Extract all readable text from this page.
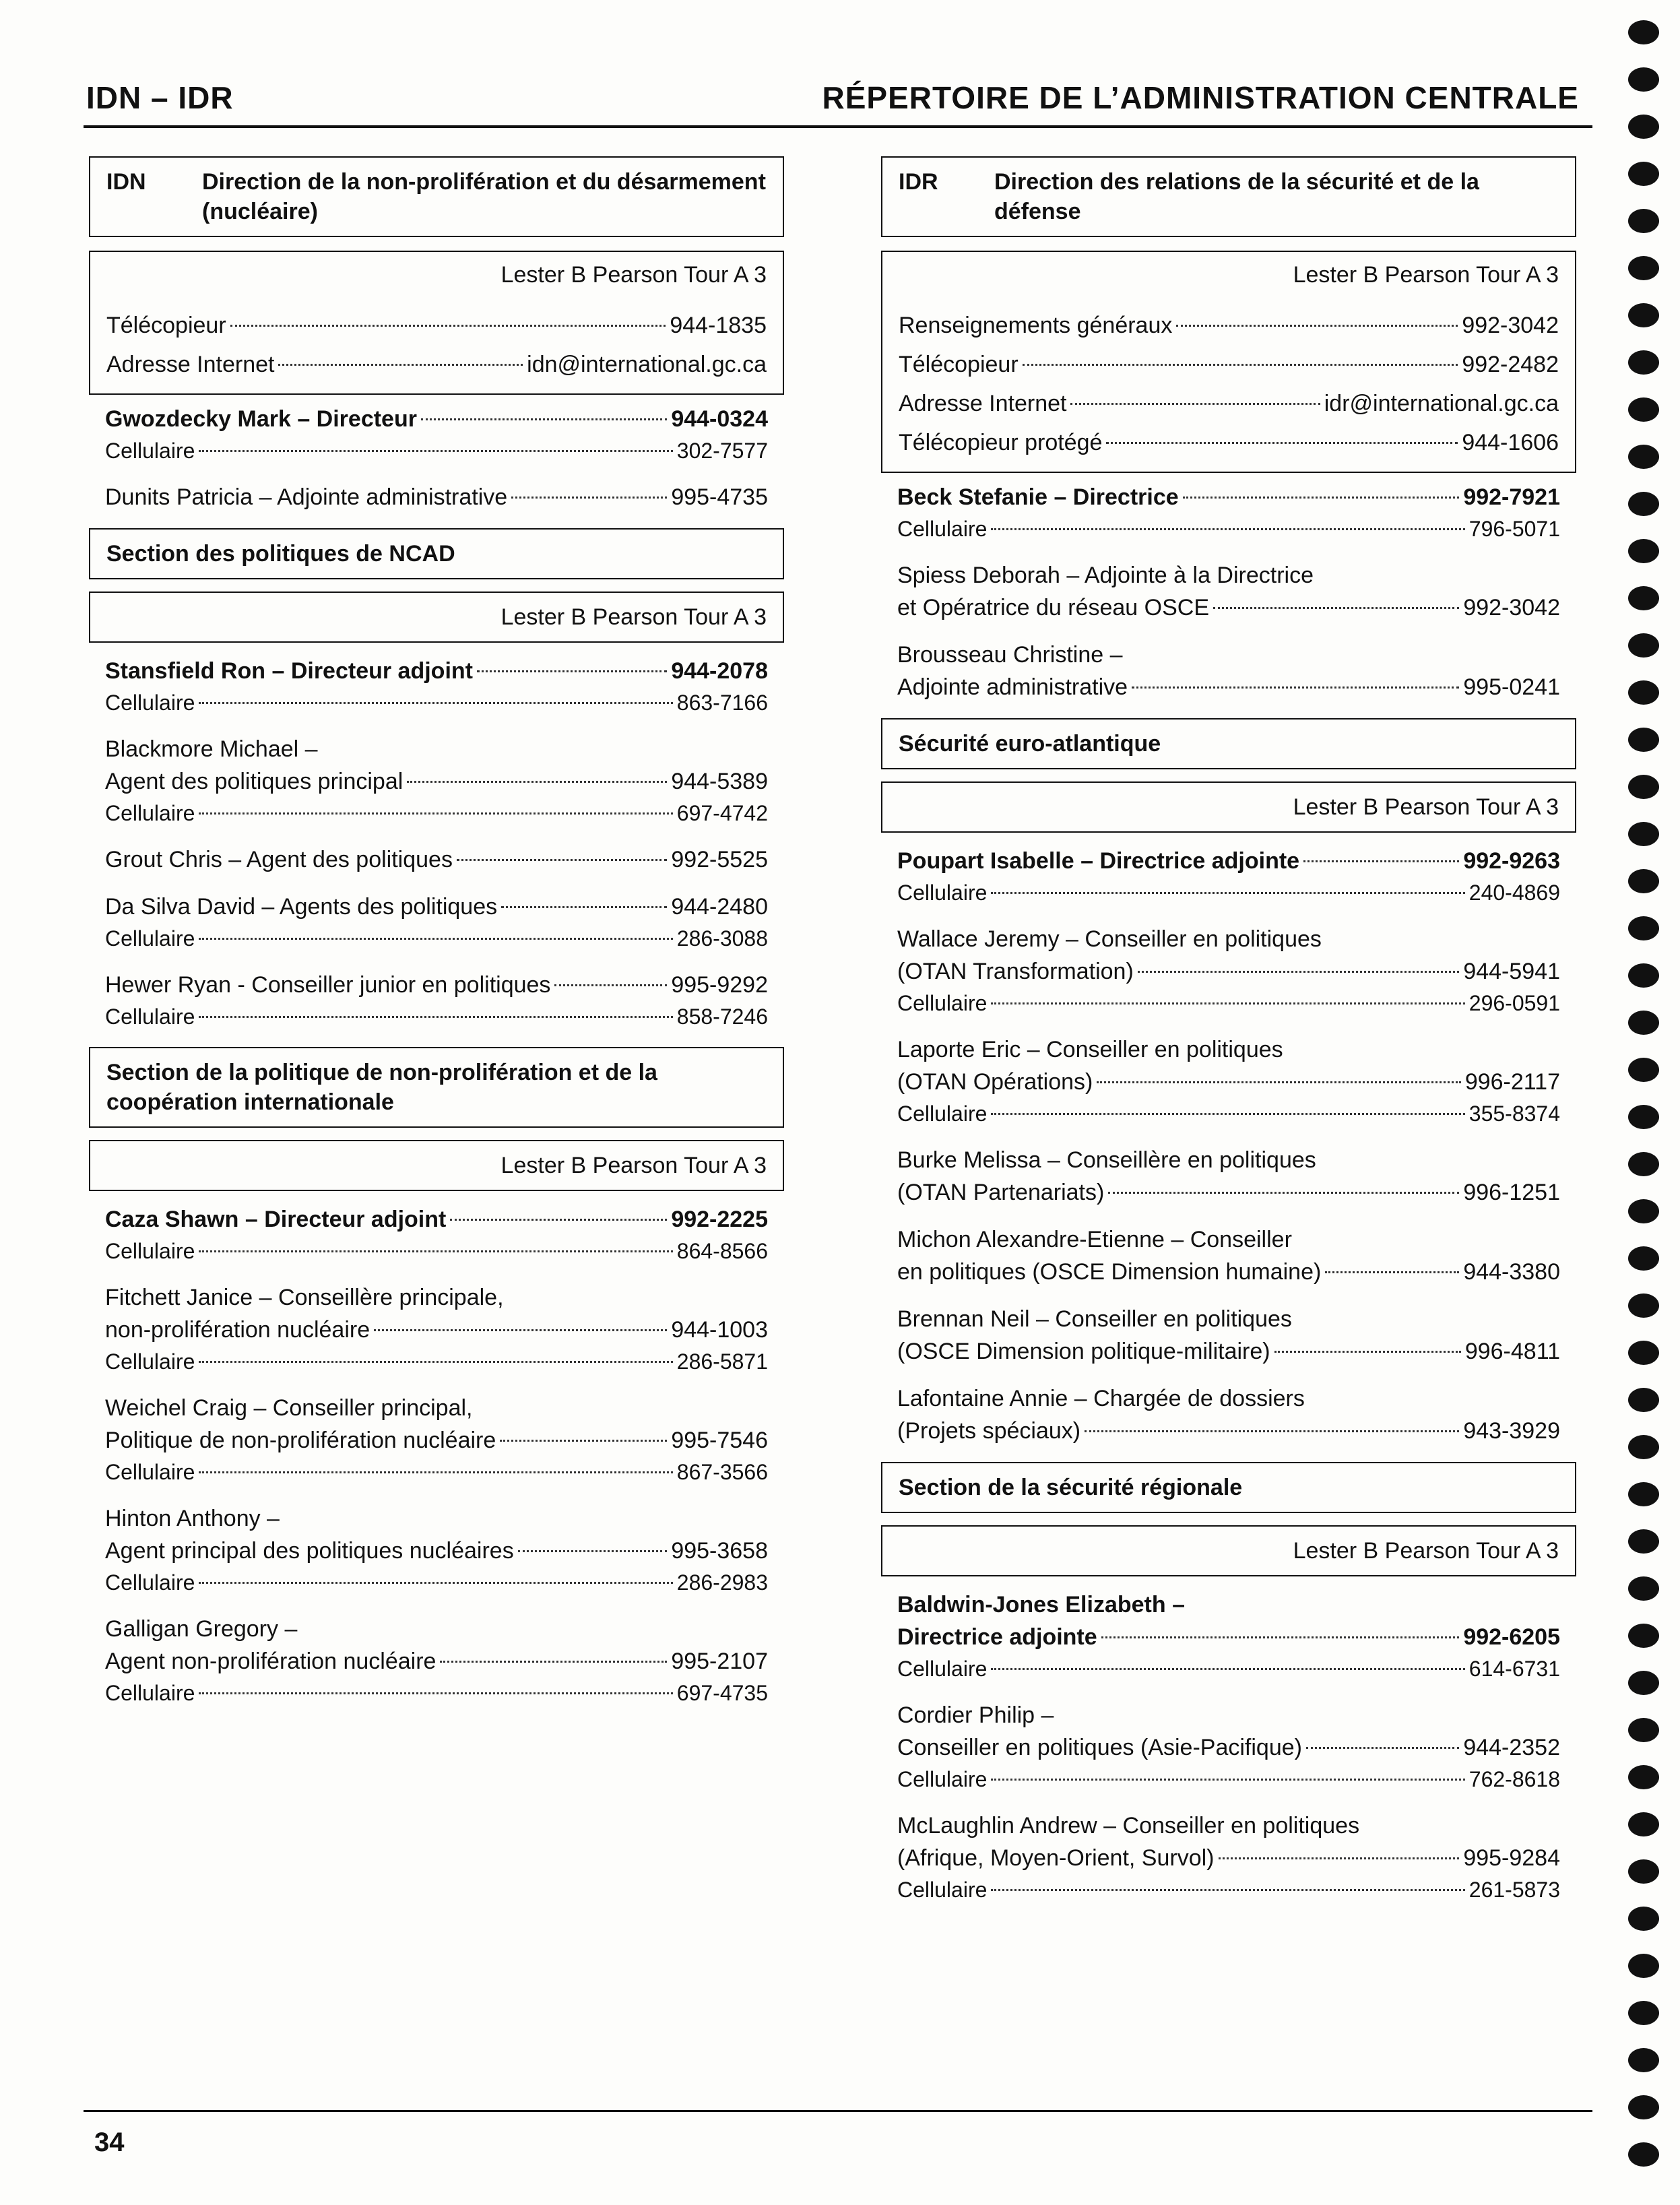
IDN – IDR	RÉPERTOIRE DE L’ADMINISTRATION CENTRALE
IDN	Direction de la non-prolifération et du désarmement (nucléaire)
Lester B Pearson Tour A 3
Télécopieur	944-1835
Adresse Internet	idn@international.gc.ca
Gwozdecky Mark – Directeur	944-0324
Cellulaire	302-7577
Dunits Patricia – Adjointe administrative	995-4735
Section des politiques de NCAD
Lester B Pearson Tour A 3
Stansfield Ron – Directeur adjoint	944-2078
Cellulaire	863-7166
Blackmore Michael –
Agent des politiques principal	944-5389
Cellulaire	697-4742
Grout Chris – Agent des politiques	992-5525
Da Silva David – Agents des politiques	944-2480
Cellulaire	286-3088
Hewer Ryan - Conseiller junior en politiques	995-9292
Cellulaire	858-7246
Section de la politique de non-prolifération et de la coopération internationale
Lester B Pearson Tour A 3
Caza Shawn – Directeur adjoint	992-2225
Cellulaire	864-8566
Fitchett Janice – Conseillère principale,
non-prolifération nucléaire	944-1003
Cellulaire	286-5871
Weichel Craig – Conseiller principal,
Politique de non-prolifération nucléaire	995-7546
Cellulaire	867-3566
Hinton Anthony –
Agent principal des politiques nucléaires	995-3658
Cellulaire	286-2983
Galligan Gregory –
Agent non-prolifération nucléaire	995-2107
Cellulaire	697-4735
IDR	Direction des relations de la sécurité et de la défense
Lester B Pearson Tour A 3
Renseignements généraux	992-3042
Télécopieur	992-2482
Adresse Internet	idr@international.gc.ca
Télécopieur protégé	944-1606
Beck Stefanie – Directrice	992-7921
Cellulaire	796-5071
Spiess Deborah – Adjointe à la Directrice
et Opératrice du réseau OSCE	992-3042
Brousseau Christine –
Adjointe administrative	995-0241
Sécurité euro-atlantique
Lester B Pearson Tour A 3
Poupart Isabelle – Directrice adjointe	992-9263
Cellulaire	240-4869
Wallace Jeremy – Conseiller en politiques
(OTAN Transformation)	944-5941
Cellulaire	296-0591
Laporte Eric – Conseiller en politiques
(OTAN Opérations)	996-2117
Cellulaire	355-8374
Burke Melissa – Conseillère en politiques
(OTAN Partenariats)	996-1251
Michon Alexandre-Etienne – Conseiller
en politiques (OSCE Dimension humaine)	944-3380
Brennan Neil – Conseiller en politiques
(OSCE Dimension politique-militaire)	996-4811
Lafontaine Annie – Chargée de dossiers
(Projets spéciaux)	943-3929
Section de la sécurité régionale
Lester B Pearson Tour A 3
Baldwin-Jones Elizabeth –
Directrice adjointe	992-6205
Cellulaire	614-6731
Cordier Philip –
Conseiller en politiques (Asie-Pacifique)	944-2352
Cellulaire	762-8618
McLaughlin Andrew – Conseiller en politiques
(Afrique, Moyen-Orient, Survol)	995-9284
Cellulaire	261-5873
34
